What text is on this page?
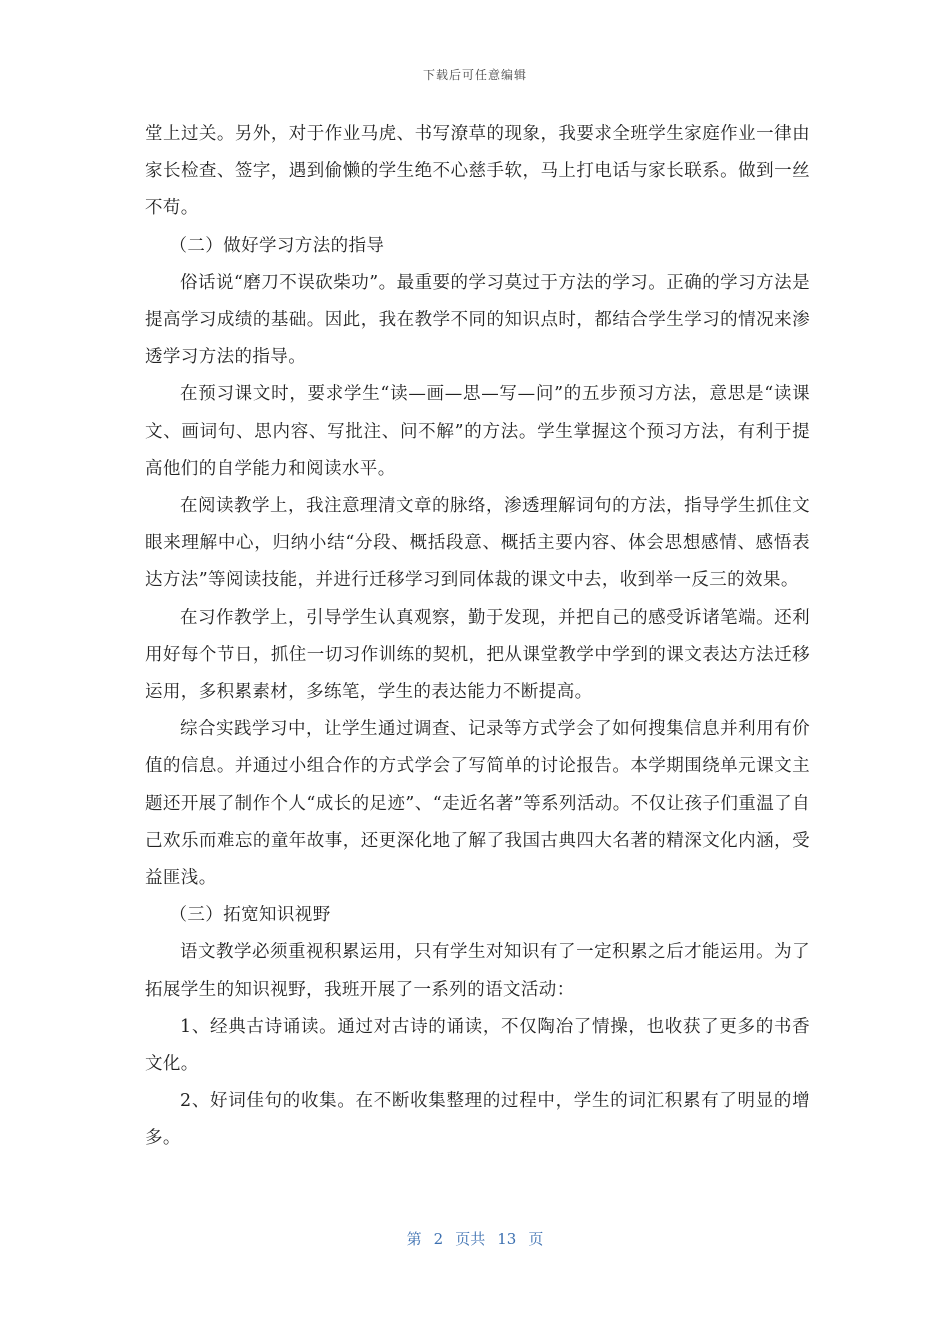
下载后可任意编辑

堂上过关。另外，对于作业马虎、书写潦草的现象，我要求全班学生家庭作业一律由家长检查、签字，遇到偷懒的学生绝不心慈手软，马上打电话与家长联系。做到一丝不苟。

（二）做好学习方法的指导

俗话说“磨刀不误砍柴功”。最重要的学习莫过于方法的学习。正确的学习方法是提高学习成绩的基础。因此，我在教学不同的知识点时，都结合学生学习的情况来渗透学习方法的指导。

在预习课文时，要求学生“读—画—思—写—问”的五步预习方法，意思是“读课文、画词句、思内容、写批注、问不解”的方法。学生掌握这个预习方法，有利于提高他们的自学能力和阅读水平。

在阅读教学上，我注意理清文章的脉络，渗透理解词句的方法，指导学生抓住文眼来理解中心，归纳小结“分段、概括段意、概括主要内容、体会思想感情、感悟表达方法”等阅读技能，并进行迁移学习到同体裁的课文中去，收到举一反三的效果。

在习作教学上，引导学生认真观察，勤于发现，并把自己的感受诉诸笔端。还利用好每个节日，抓住一切习作训练的契机，把从课堂教学中学到的课文表达方法迁移运用，多积累素材，多练笔，学生的表达能力不断提高。

综合实践学习中，让学生通过调查、记录等方式学会了如何搜集信息并利用有价值的信息。并通过小组合作的方式学会了写简单的讨论报告。本学期围绕单元课文主题还开展了制作个人“成长的足迹”、“走近名著”等系列活动。不仅让孩子们重温了自己欢乐而难忘的童年故事，还更深化地了解了我国古典四大名著的精深文化内涵，受益匪浅。

（三）拓宽知识视野

语文教学必须重视积累运用，只有学生对知识有了一定积累之后才能运用。为了拓展学生的知识视野，我班开展了一系列的语文活动：

1、经典古诗诵读。通过对古诗的诵读，不仅陶冶了情操，也收获了更多的书香文化。

2、好词佳句的收集。在不断收集整理的过程中，学生的词汇积累有了明显的增多。

第 2 页共 13 页
